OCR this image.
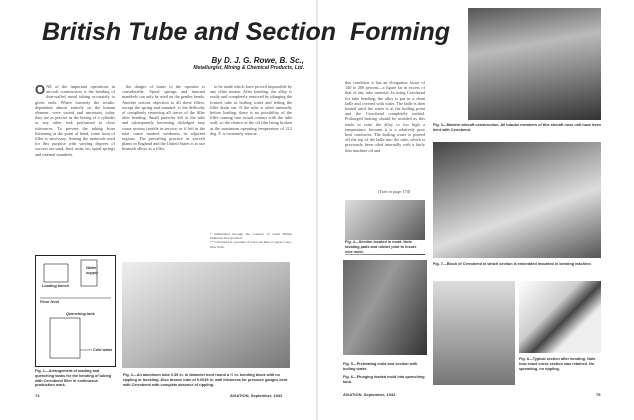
British Tube and Section Forming
By D. J. G. Rowe, B. Sc.,
Metallurgist, Mining & Chemical Products, Ltd.
ONE of the important operations in aircraft construction is the bending of thin-walled metal tubing accurately to given radii. Where formerly the results, dependent almost entirely on the human element, were varied and uncertain, today they are as precise as the boring of a cylinder or any other task performed to close tolerances. To prevent the tubing from flattening at the point of bend, some form of filler is necessary. Among the materials used for this purpose with varying degrees of success are sand, lead, resin, tar, spiral springs and internal mandrels.

the danger of burns to the operator is considerable. Spiral springs and internal mandrels can only be used on the gentler bends. Another serious objection to all these fillers, except the spring and mandrel, is the difficulty of completely removing all traces of the filler after bending. Small particles left in the tube and subsequently becoming dislodged may cause serious trouble in service, or if left in the tube cause marked weakness in adjacent regions. The prevailing practice in aircraft plants in England and the United States is to use bismuth alloys as a filler.

to be made which have proved impossible by any other means. After bending, the alloy is easily and completely removed by plunging the formed tube in boiling water and letting the filler drain out. If the tube is oiled internally before loading, there is no possibility of the filler coming into actual contact with the tube wall, so the chance of the oil film being broken at the maximum operating temperature of 212 deg. F. is extremely remote.

* Distributed through the courtesy of Great Britain Industries Incorporated.
** Cerrobend is a product of Cerro de Pasco Copper Corp., New York.
Loading bench
Water supply
Floor level
Quenching tank
Cold water
Fig. 1—Arrangement of loading and quenching tanks for the bending of tubing with Cerrobend filler in continuous production work.
Fig. 2—An aluminum tube 0.35 in. in diameter bent round a ½ in. bending block with no rippling or buckling. Also bronze tube of 0.0035 in. wall thickness for pressure gauges bent with Cerrobend with complete absence of rippling.
74	AVIATION, September, 1942
this condition it has an elongation factor of 140 to 200 percent—a figure far in excess of that of any tube material. In using Cerrobend for tube bending, the alloy is put in a clean ladle and covered with water. The ladle is then heated until the water is at the boiling point and the Cerrobend completely melted. Prolonged heating should be avoided as this tends to raise the alloy to too high a temperature, because it is a relatively poor heat conductor. The boiling water is poured off the top of the ladle into the tube, which is previously been oiled internally with a fairly thin machine oil and
(Turn to page 174)
Fig. 3—Modern aircraft construction. All tubular members of this aircraft nose unit have been bent with Cerrobend.
Fig. 4—Section located in mold. Note locating pads and rubber joint to insure nice mold.
Fig. 7—Block of Cerrobend in which section is embedded mounted in bending machine.
Fig. 5—Preheating mold and section with boiling water.
Fig. 6—Plunging loaded mold into quenching tank.
Fig. 8—Typical section after bending. Note how exact cross section was retained. No spreading, no rippling.
AVIATION, September, 1942	75
